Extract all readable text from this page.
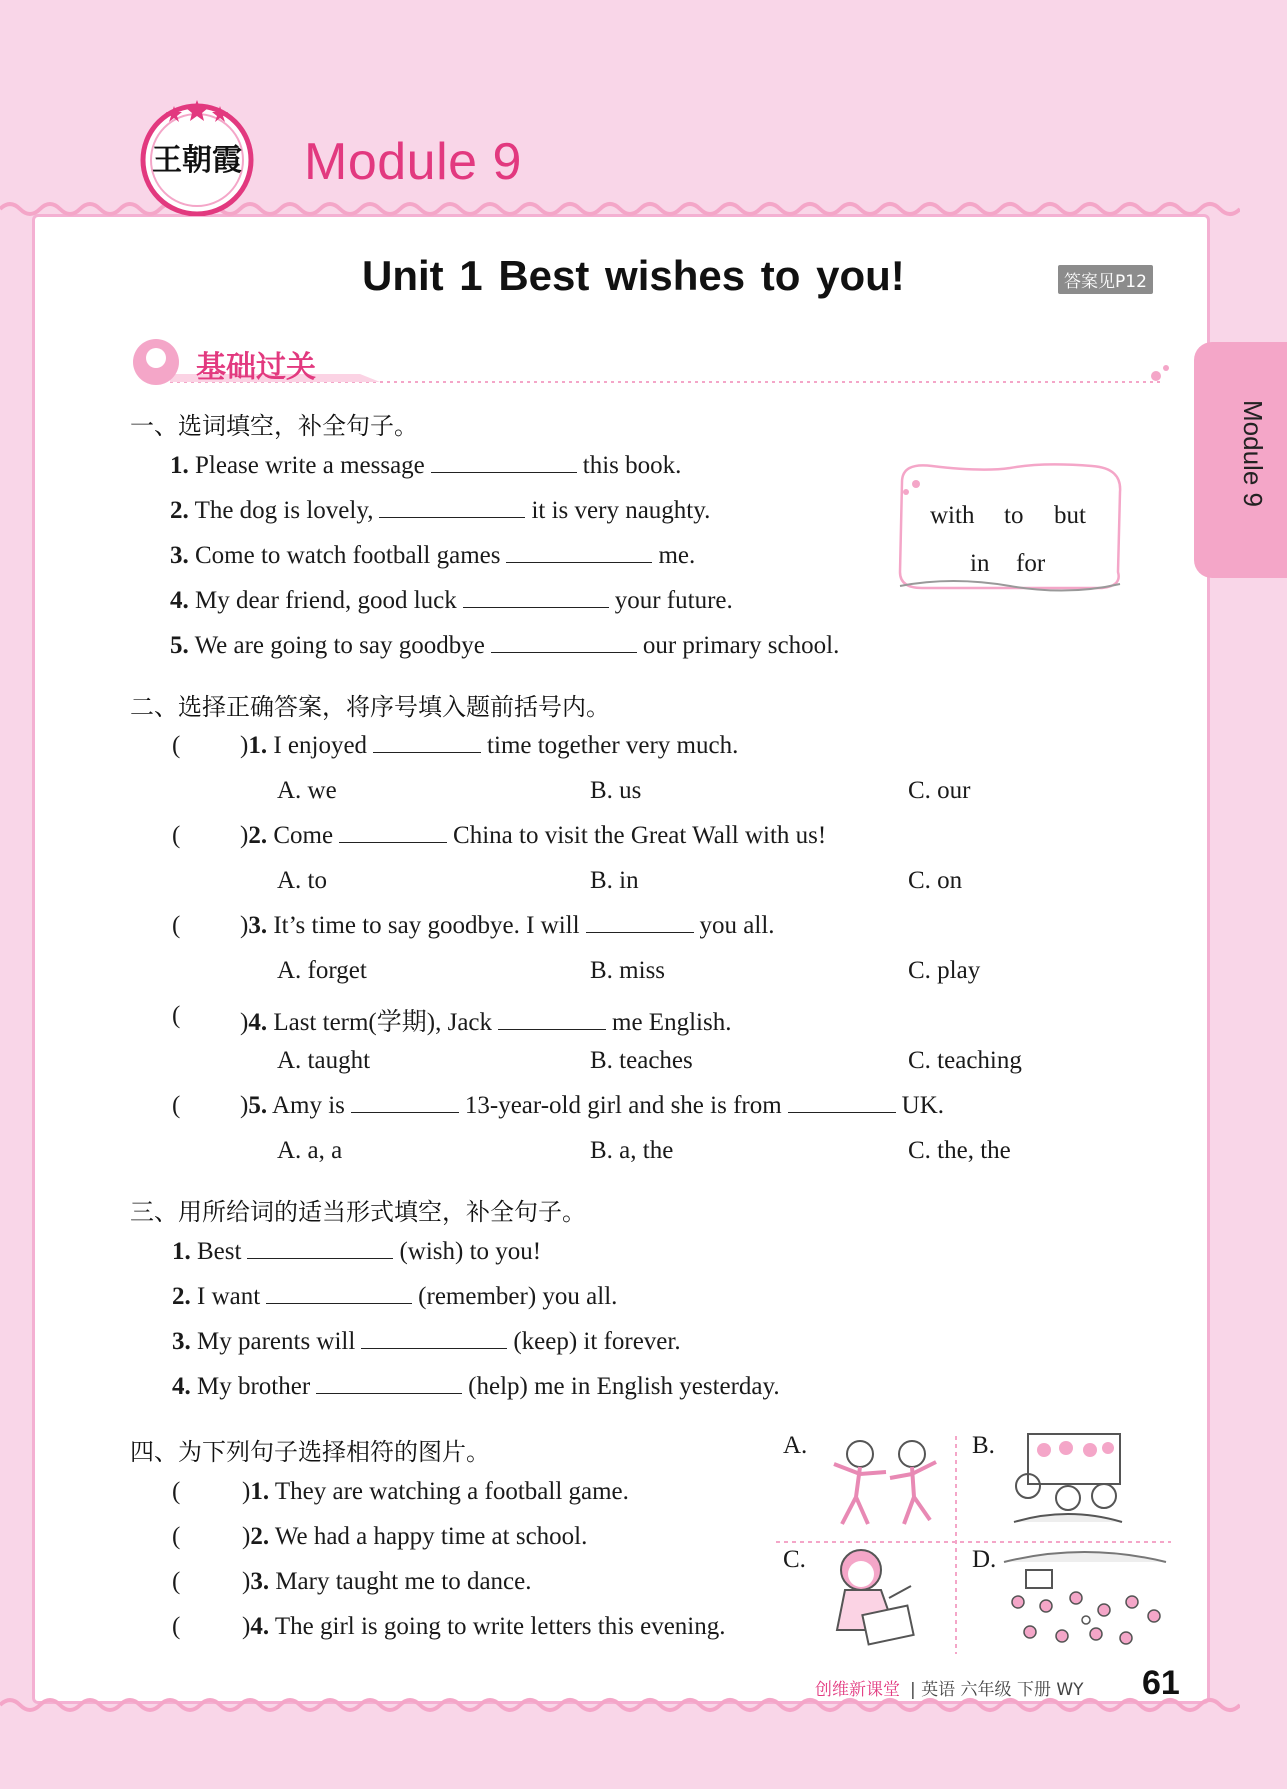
王朝霞 Module 9
Unit 1 Best wishes to you!	答案见P12
Module 9
基础过关
一、选词填空，补全句子。
1. Please write a message	this book.
2. The dog is lovely,	it is very naughty.
3. Come to watch football games	me.
4. My dear friend, good luck	your future.
5. We are going to say goodbye	our primary school.
with to but
in for
二、选择正确答案，将序号填入题前括号内。
( )1. I enjoyed	time together very much.
A. we	B. us	C. our
( )2. Come	China to visit the Great Wall with us!
A. to	B. in	C. on
( )3. It’s time to say goodbye. I will	you all.
A. forget	B. miss	C. play
( )4. Last term(学期), Jack	me English.
A. taught	B. teaches	C. teaching
( )5. Amy is	13-year-old girl and she is from	UK.
A. a, a	B. a, the	C. the, the
三、用所给词的适当形式填空，补全句子。
1. Best	(wish) to you!
2. I want	(remember) you all.
3. My parents will	(keep) it forever.
4. My brother	(help) me in English yesterday.
四、为下列句子选择相符的图片。
( )1. They are watching a football game.
( )2. We had a happy time at school.
( )3. Mary taught me to dance.
( )4. The girl is going to write letters this evening.
A.	B.
C.	D.
创维新课堂 | 英语 六年级 下册 WY 61
